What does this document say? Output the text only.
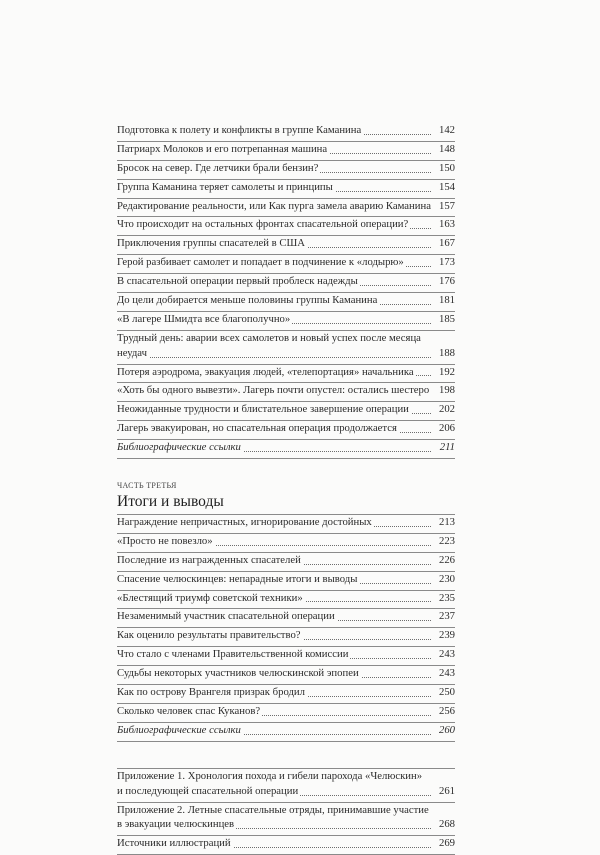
Подготовка к полету и конфликты в группе Каманина	142
Патриарх Молоков и его потрепанная машина	148
Бросок на север. Где летчики брали бензин?	150
Группа Каманина теряет самолеты и принципы	154
Редактирование реальности, или Как пурга замела аварию Каманина 157
Что происходит на остальных фронтах спасательной операции?	163
Приключения группы спасателей в США	167
Герой разбивает самолет и попадает в подчинение к «лодырю»	173
В спасательной операции первый проблеск надежды	176
До цели добирается меньше половины группы Каманина	181
«В лагере Шмидта все благополучно»	185
Трудный день: аварии всех самолетов и новый успех после месяца
неудач	188
Потеря аэродрома, эвакуация людей, «телепортация» начальника 192
«Хоть бы одного вывезти». Лагерь почти опустел: остались шестеро 198
Неожиданные трудности и блистательное завершение операции	202
Лагерь эвакуирован, но спасательная операция продолжается	206
Библиографические ссылки	211
ЧАСТЬ ТРЕТЬЯ
Итоги и выводы
Награждение непричастных, игнорирование достойных	213
«Просто не повезло»	223
Последние из награжденных спасателей	226
Спасение челюскинцев: непарадные итоги и выводы	230
«Блестящий триумф советской техники»	235
Незаменимый участник спасательной операции	237
Как оценило результаты правительство?	239
Что стало с членами Правительственной комиссии	243
Судьбы некоторых участников челюскинской эпопеи	243
Как по острову Врангеля призрак бродил	250
Сколько человек спас Куканов?	256
Библиографические ссылки	260
Приложение 1. Хронология похода и гибели парохода «Челюскин»
и последующей спасательной операции	261
Приложение 2. Летные спасательные отряды, принимавшие участие
в эвакуации челюскинцев	268
Источники иллюстраций	269
